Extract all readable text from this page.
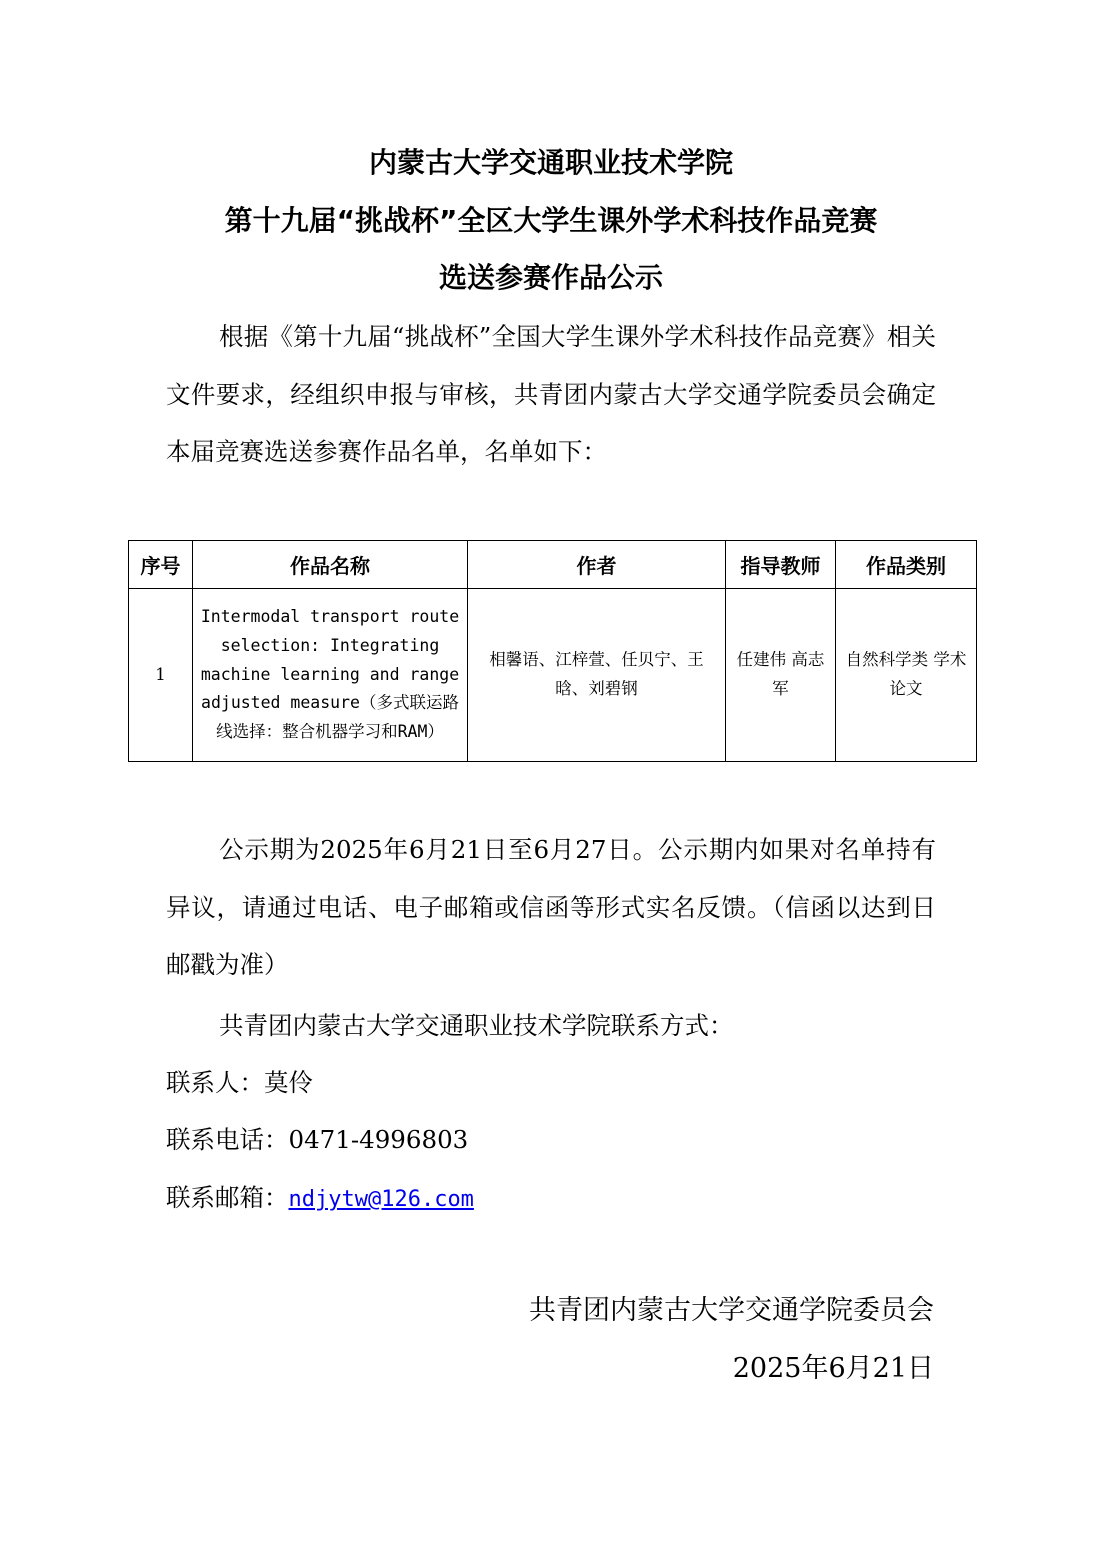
内蒙古大学交通职业技术学院
第十九届“挑战杯”全区大学生课外学术科技作品竞赛
选送参赛作品公示
根据《第十九届“挑战杯”全国大学生课外学术科技作品竞赛》相关文件要求，经组织申报与审核，共青团内蒙古大学交通学院委员会确定本届竞赛选送参赛作品名单，名单如下：
序号	作品名称	作者	指导教师	作品类别
1	Intermodal transport route selection: Integrating machine learning and range adjusted measure（多式联运路线选择：整合机器学习和RAM）	相馨语、江梓萱、任贝宁、王晗、刘碧钢	任建伟 高志军	自然科学类 学术论文
公示期为2025年6月21日至6月27日。公示期内如果对名单持有异议，请通过电话、电子邮箱或信函等形式实名反馈。（信函以达到日邮戳为准）
共青团内蒙古大学交通职业技术学院联系方式：
联系人：莫伶
联系电话：0471-4996803
联系邮箱：ndjytw@126.com
共青团内蒙古大学交通学院委员会
2025年6月21日
